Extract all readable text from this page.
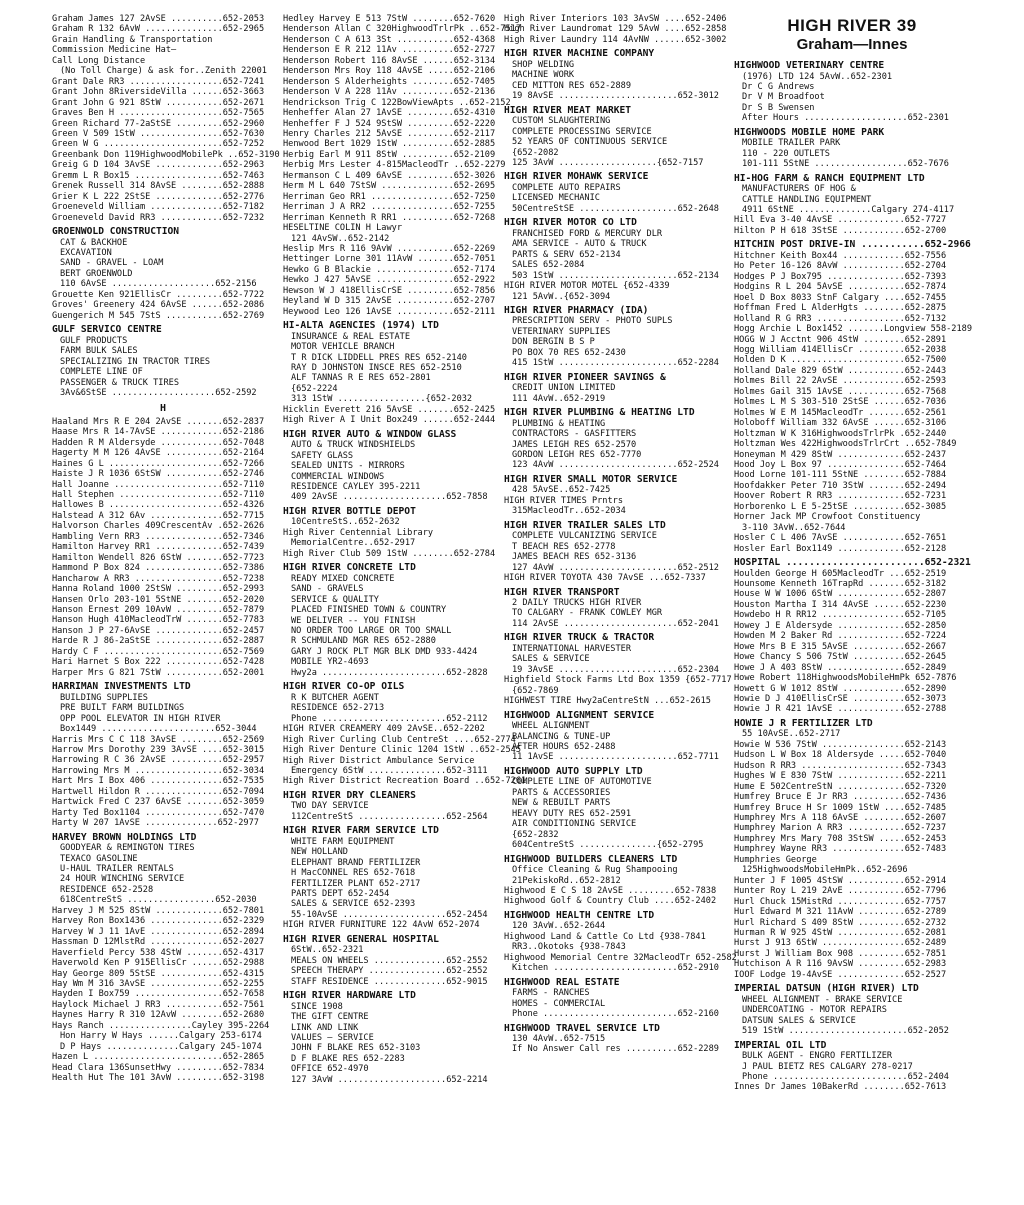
Graham James 127 2AvSE ..........652-2053
Graham R 132 6AvW ...............652-2965
Grain Handling & Transportation
Commission Medicine Hat—
Call Long Distance
(No Toll Charge) & ask for..Zenith 22001
Grant Dale RR3 ..................652-7241
Grant John 8RiversideVilla ......652-3663
Grant John G 921 8StW ...........652-2671
Graves Ben H ....................652-7565
Green Richard 77-2aStSE .........652-2960
Green V 509 1StW ................652-7630
Green W G .......................652-7252
Greenbank Don 119HighwoodMobilePk ..652-3190
Greig G D 104 3AvSE .............652-2963
Gremm L R Box15 .................652-7463
Grenek Russell 314 8AvSE ........652-2888
Grier K L 222 2StSE .............652-2776
Groeneveld William ..............652-7182
Groeneveld David RR3 ............652-7232
GROENWOLD CONSTRUCTION
CAT & BACKHOE
EXCAVATION
SAND - GRAVEL - LOAM
BERT GROENWOLD
110 6AvSE ....................652-2156
Grouette Ken 921EllisCr .........652-7722
Groves' Greenery 424 6AvSE ......652-2086
Guengerich M 545 7StS ...........652-2769
GULF SERVICO CENTRE
GULF PRODUCTS
FARM BULK SALES
SPECIALIZING IN TRACTOR TIRES
COMPLETE LINE OF
PASSENGER & TRUCK TIRES
3Av&6StSE ....................652-2592
H
Haaland Mrs R E 204 2AvSE .......652-2837
Haase Mrs R 14-7AvSE ............652-2186
Hadden R M Aldersyde ............652-7048
Hagerty M M 126 4AvSE ...........652-2164
Haines G L ......................652-7266
Haiste J R 1036 6StSW ...........652-2746
Hall Joanne .....................652-7110
Hall Stephen ....................652-7110
Hallowes B ......................652-4326
Halstead A 312 6Av ..............652-7715
Halvorson Charles 409CrescentAv .652-2626
Hambling Vern RR3 ...............652-7346
Hamilton Harvey RR1 .............652-7439
Hamilton Wendell 826 6StW .......652-7723
Hammond P Box 824 ...............652-7386
Hancharow A RR3 .................652-7238
Hanna Roland 1000 2StSW .........652-2993
Hansen Orlo 203-101 5StNE .......652-2020
Hanson Ernest 209 10AvW .........652-7879
Hanson Hugh 410MacleodTrW .......652-7783
Hanson J P 27-6AvSE .............652-2457
Harde R J 86-2aStSE .............652-2887
Hardy C F .......................652-7569
Hari Harnet S Box 222 ...........652-7428
Harper Mrs G 821 7StW ...........652-2001
HARRIMAN INVESTMENTS LTD
BUILDING SUPPLIES
PRE BUILT FARM BUILDINGS
OPP POOL ELEVATOR IN HIGH RIVER
Box1449 ......................652-3044
Harris Mrs C C 118 3AvSE ........652-2569
Harrow Mrs Dorothy 239 3AvSE ....652-3015
Harrowing R C 36 2AvSE ..........652-2957
Harrowing Mrs M .................652-3034
Hart Mrs I Box 406 ..............652-7535
Hartwell Hildon R ...............652-7094
Hartwick Fred C 237 6AvSE .......652-3059
Harty Ted Box1104 ...............652-7470
Harty W 207 1AvSE ..............652-2977
HARVEY BROWN HOLDINGS LTD
GOODYEAR & REMINGTON TIRES
TEXACO GASOLINE
U-HAUL TRAILER RENTALS
24 HOUR WINCHING SERVICE
RESIDENCE 652-2528
618CentreStS .................652-2030
Harvey J M 525 8StW .............652-7801
Harvey Ron Box1436 ..............652-2329
Harvey W J 11 1AvE ..............652-2894
Hassman D 12MlstRd ..............652-2027
Haverfield Percy 538 4StW .......652-4317
Haverwold Ken P 915EllisCr ......652-2988
Hay George 809 5StSE ............652-4315
Hay Wm M 316 3AvSE ..............652-2255
Hayden I Box759 .................652-7658
Haylock Michael J RR3 ...........652-7561
Haynes Harry R 310 12AvW ........652-2680
Hays Ranch ................Cayley 395-2264
Hon Harry W Hays ......Calgary 253-6174
D P Hays ..............Calgary 245-1074
Hazen L .........................652-2865
Head Clara 136SunsetHwy .........652-7834
Health Hut The 101 3AvW .........652-3198
Hedley Harvey E 513 7StW ........652-7620
Henderson Allan C 320HighwoodTrlrPk ..652-7517
Henderson C A 613 3St ...........652-4368
Henderson E R 212 11Av ..........652-2727
Henderson Robert 116 8AvSE ......652-3134
Henderson Mrs Roy 118 4AvSE .....652-2106
Henderson S Alderheights ........652-7405
Henderson V A 228 11Av ..........652-2136
Hendrickson Trig C 122BowViewApts ..652-2152
Henheffer Alan 27 1AvSE .........652-4310
Henheffer F J 524 9StSW .........652-2220
Henry Charles 212 5AvSE .........652-2117
Henwood Bert 1029 1StW ..........652-2885
Herbig Earl M 911 8StW ..........652-2109
Herbig Mrs Lester 4-815MacleodTr ..652-2279
Hermanson C L 409 6AvSE .........652-3026
Herm M L 640 7StSW ..............652-2695
Herriman Geo RR1 ................652-7250
Herriman J A RR2 ................652-7255
Herriman Kenneth R RR1 ..........652-7268
HESELTINE COLIN H Lawyr
121 4AvSW..652-2142
Heslip Mrs R 116 9AvW ...........652-2269
Hettinger Lorne 301 11AvW .......652-7051
Hewko G B Blackie ...............652-7174
Hewko J 427 5AvSE ...............652-2922
Hewson W J 418EllisCrSE .........652-7856
Heyland W D 315 2AvSE ...........652-2707
Heywood Leo 126 1AvSE ...........652-2111
HI-ALTA AGENCIES (1974) LTD
INSURANCE & REAL ESTATE
MOTOR VEHICLE BRANCH
T R DICK LIDDELL PRES RES 652-2140
RAY D JOHNSTON INSCE RES 652-2510
ALF TANNAS R E RES 652-2801
{652-2224
313 1StW .................{652-2032
Hicklin Everett 216 5AvSE .......652-2425
High River A I Unit Box249 ......652-2444
HIGH RIVER AUTO & WINDOW GLASS
AUTO & TRUCK WINDSHIELDS
SAFETY GLASS
SEALED UNITS - MIRRORS
COMMERCIAL WINDOWS
RESIDENCE CAYLEY 395-2211
409 2AvSE ....................652-7858
HIGH RIVER BOTTLE DEPOT
10CentreStS..652-2632
High River Centennial Library
MemorialCentre..652-2917
High River Club 509 1StW ........652-2784
HIGH RIVER CONCRETE LTD
READY MIXED CONCRETE
SAND - GRAVELS
SERVICE & QUALITY
PLACED FINISHED TOWN & COUNTRY
WE DELIVER -- YOU FINISH
NO ORDER TOO LARGE OR TOO SMALL
R SCHMULAND MGR RES 652-2880
GARY J ROCK PLT MGR BLK DMD 933-4424
MOBILE YR2-4693
Hwy2a ........................652-2828
HIGH RIVER CO-OP OILS
R K BUTCHER AGENT
RESIDENCE 652-2713
Phone ........................652-2112
HIGH RIVER CREAMERY 409 2AvSE..652-2202
High River Curling Club CentreSt ....652-2774
High River Denture Clinic 1204 1StW ..652-2545
High River District Ambulance Service
Emergency 6StW ...............652-3111
High River District Recreation Board ..652-7261
HIGH RIVER DRY CLEANERS
TWO DAY SERVICE
112CentreStS .................652-2564
HIGH RIVER FARM SERVICE LTD
WHITE FARM EQUIPMENT
NEW HOLLAND
ELEPHANT BRAND FERTILIZER
H MacCONNEL RES 652-7618
FERTILIZER PLANT 652-2717
PARTS DEPT 652-2454
SALES & SERVICE 652-2393
55-10AvSE ....................652-2454
HIGH RIVER FURNITURE 122 4AvW 652-2074
HIGH RIVER GENERAL HOSPITAL
6StW..652-2321
MEALS ON WHEELS ..............652-2552
SPEECH THERAPY ...............652-2552
STAFF RESIDENCE ..............652-9015
HIGH RIVER HARDWARE LTD
SINCE 1908
THE GIFT CENTRE
LINK AND LINK
VALUES — SERVICE
JOHN F BLAKE RES 652-3103
D F BLAKE RES 652-2283
OFFICE 652-4970
127 3AvW .....................652-2214
High River Interiors 103 3AvSW ....652-2406
High River Laundromat 129 5AvW ....652-2858
High River Laundry 114 4AvNW ......652-3002
HIGH RIVER MACHINE COMPANY
SHOP WELDING
MACHINE WORK
CED MITTON RES 652-2889
19 8AvSE .......................652-3012
HIGH RIVER MEAT MARKET
CUSTOM SLAUGHTERING
COMPLETE PROCESSING SERVICE
52 YEARS OF CONTINUOUS SERVICE
{652-2082
125 3AvW ...................{652-7157
HIGH RIVER MOHAWK SERVICE
COMPLETE AUTO REPAIRS
LICENSED MECHANIC
50CentreStSE ...................652-2648
HIGH RIVER MOTOR CO LTD
FRANCHISED FORD & MERCURY DLR
AMA SERVICE - AUTO & TRUCK
PARTS & SERV 652-2134
SALES 652-2084
503 1StW .......................652-2134
HIGH RIVER MOTOR MOTEL {652-4339
121 5AvW..{652-3094
HIGH RIVER PHARMACY (IDA)
PRESCRIPTION SERV - PHOTO SUPLS
VETERINARY SUPPLIES
DON BERGIN B S P
PO BOX 70 RES 652-2430
415 1StW .......................652-2284
HIGH RIVER PIONEER SAVINGS &
CREDIT UNION LIMITED
111 4AvW..652-2919
HIGH RIVER PLUMBING & HEATING LTD
PLUMBING & HEATING
CONTRACTORS - GASFITTERS
JAMES LEIGH RES 652-2570
GORDON LEIGH RES 652-7770
123 4AvW .......................652-2524
HIGH RIVER SMALL MOTOR SERVICE
428 5AvSE..652-7425
HIGH RIVER TIMES Prntrs
315MacleodTr..652-2034
HIGH RIVER TRAILER SALES LTD
COMPLETE VULCANIZING SERVICE
T BEACH RES 652-2778
JAMES BEACH RES 652-3136
127 4AvW .......................652-2512
HIGH RIVER TOYOTA 430 7AvSE ...652-7337
HIGH RIVER TRANSPORT
2 DAILY TRUCKS HIGH RIVER
TO CALGARY - FRANK COWLEY MGR
114 2AvSE ......................652-2041
HIGH RIVER TRUCK & TRACTOR
INTERNATIONAL HARVESTER
SALES & SERVICE
19 3AvSE .......................652-2304
Highfield Stock Farms Ltd Box 1359 {652-7717
{652-7869
HIGHWEST TIRE Hwy2aCentreStN ...652-2615
HIGHWOOD ALIGNMENT SERVICE
WHEEL ALIGNMENT
BALANCING & TUNE-UP
AFTER HOURS 652-2488
11 1AvSE .......................652-7711
HIGHWOOD AUTO SUPPLY LTD
COMPLETE LINE OF AUTOMOTIVE
PARTS & ACCESSORIES
NEW & REBUILT PARTS
HEAVY DUTY RES 652-2591
AIR CONDITIONING SERVICE
{652-2832
604CentreStS ...............{652-2795
HIGHWOOD BUILDERS CLEANERS LTD
Office Cleaning & Rug Shampooing
21PekiskoRd..652-2812
Highwood E C S 18 2AvSE .........652-7838
Highwood Golf & Country Club ....652-2402
HIGHWOOD HEALTH CENTRE LTD
120 3AvW..652-2644
Highwood Land & Cattle Co Ltd {938-7841
RR3..Okotoks {938-7843
Highwood Memorial Centre 32MacleodTr 652-2582
Kitchen ........................652-2910
HIGHWOOD REAL ESTATE
FARMS - RANCHES
HOMES - COMMERCIAL
Phone ..........................652-2160
HIGHWOOD TRAVEL SERVICE LTD
130 4AvW..652-7515
If No Answer Call res ..........652-2289
HIGH RIVER 39
Graham—Innes
HIGHWOOD VETERINARY CENTRE
(1976) LTD 124 5AvW..652-2301
Dr C G Andrews
Dr V M Broadfoot
Dr S B Swensen
After Hours ....................652-2301
HIGHWOODS MOBILE HOME PARK
MOBILE TRAILER PARK
110 - 220 OUTLETS
101-111 5StNE ..................652-7676
HI-HOG FARM & RANCH EQUIPMENT LTD
MANUFACTURERS OF HOG &
CATTLE HANDLING EQUIPMENT
4911 6StNE ..............Calgary 274-4117
Hill Eva 3-40 4AvSE .............652-7727
Hilton P H 618 3StSE ............652-2700
HITCHIN POST DRIVE-IN ...........652-2966
Hitchner Keith Box44 ............652-7556
Ho Peter 16-126 8AvW ............652-2704
Hodges P J Box795 ...............652-7393
Hodgins R L 204 5AvSE ...........652-7874
Hoel D Box 8033 StnF Calgary ....652-7455
Hoffman Fred L AlderHgts ........652-2875
Holland R G RR3 .................652-7132
Hogg Archie L Box1452 .......Longview 558-2189
HOGG W J Acctnt 906 4StW ........652-2891
Hogg William 414EllisCr .........652-2038
Holden D K ......................652-7500
Holland Dale 829 6StW ...........652-2443
Holmes Bill 22 2AvSE ............652-2593
Holmes Gail 315 1AvSE ...........652-7568
Holmes L M S 303-510 2StSE ......652-7036
Holmes W E M 145MacleodTr .......652-2561
Holoboff William 332 6AvSE ......652-3106
Holtzman W K 316HighwoodsTrlrPk .652-2440
Holtzman Wes 422HighwoodsTrlrCrt ..652-7849
Honeyman M 429 8StW .............652-2437
Hood Joy L Box 97 ...............652-7464
Hood Lorne 101-111 5StNE ........652-7884
Hoofdakker Peter 710 3StW .......652-2494
Hoover Robert R RR3 .............652-7231
Horborenko L E 5-25tSE ..........652-3085
Horner Jack MP Crowfoot Constituency
3-110 3AvW..652-7644
Hosler C L 406 7AvSE ............652-7651
Hosler Earl Box1149 .............652-2128
HOSPITAL ........................652-2321
Houlden George H 605MacleodTr ...652-2519
Hounsome Kenneth 16TrapRd .......652-3182
House W W 1006 6StW .............652-2807
Houston Martha I 314 4AvSE ......652-2230
Howdebo H R RR12 ................652-7105
Howey J E Aldersyde .............652-2850
Howden M 2 Baker Rd .............652-7224
Howe Mrs B E 315 5AvSE ..........652-2667
Howe Chancy S 506 7StW ..........652-2645
Howe J A 403 8StW ...............652-2849
Howe Robert 118HighwoodsMobileHmPk 652-7876
Howett G W 1012 8StW ............652-2890
Howie D J 410EllisCrSE ..........652-3073
Howie J R 421 1AvSE .............652-2788
HOWIE J R FERTILIZER LTD
55 10AvSE..652-2717
Howie W 536 7StW ................652-2143
Hudson L W Box 18 Aldersyde .....652-7040
Hudson R RR3 ....................652-7343
Hughes W E 830 7StW .............652-2211
Hume E 502CentreStN .............652-7320
Humfrey Bruce E Jr RR3 ..........652-7436
Humfrey Bruce H Sr 1009 1StW ....652-7485
Humphrey Mrs A 118 6AvSE ........652-2607
Humphrey Marion A RR3 ...........652-7237
Humphrey Mrs Mary 708 3StSW .....652-2453
Humphrey Wayne RR3 ..............652-7483
Humphries George
125HighwoodsMobileHmPk..652-2696
Hunter J F 1005 4StSW ...........652-2914
Hunter Roy L 219 2AvE ...........652-7796
Hurl Chuck 15MistRd .............652-7757
Hurl Edward M 321 11AvW .........652-2789
Hurl Richard S 409 8StW .........652-2732
Hurman R W 925 4StW .............652-2081
Hurst J 913 6StW ................652-2489
Hurst J William Box 908 .........652-7851
Hutchison A R 116 9AvSW .........652-2983
IOOF Lodge 19-4AvSE .............652-2527
IMPERIAL DATSUN (HIGH RIVER) LTD
WHEEL ALIGNMENT - BRAKE SERVICE
UNDERCOATING - MOTOR REPAIRS
DATSUN SALES & SERVICE
519 1StW .......................652-2052
IMPERIAL OIL LTD
BULK AGENT - ENGRO FERTILIZER
J PAUL BIETZ RES CALGARY 278-0217
Phone ..........................652-2404
Innes Dr James 10BakerRd ........652-7613
